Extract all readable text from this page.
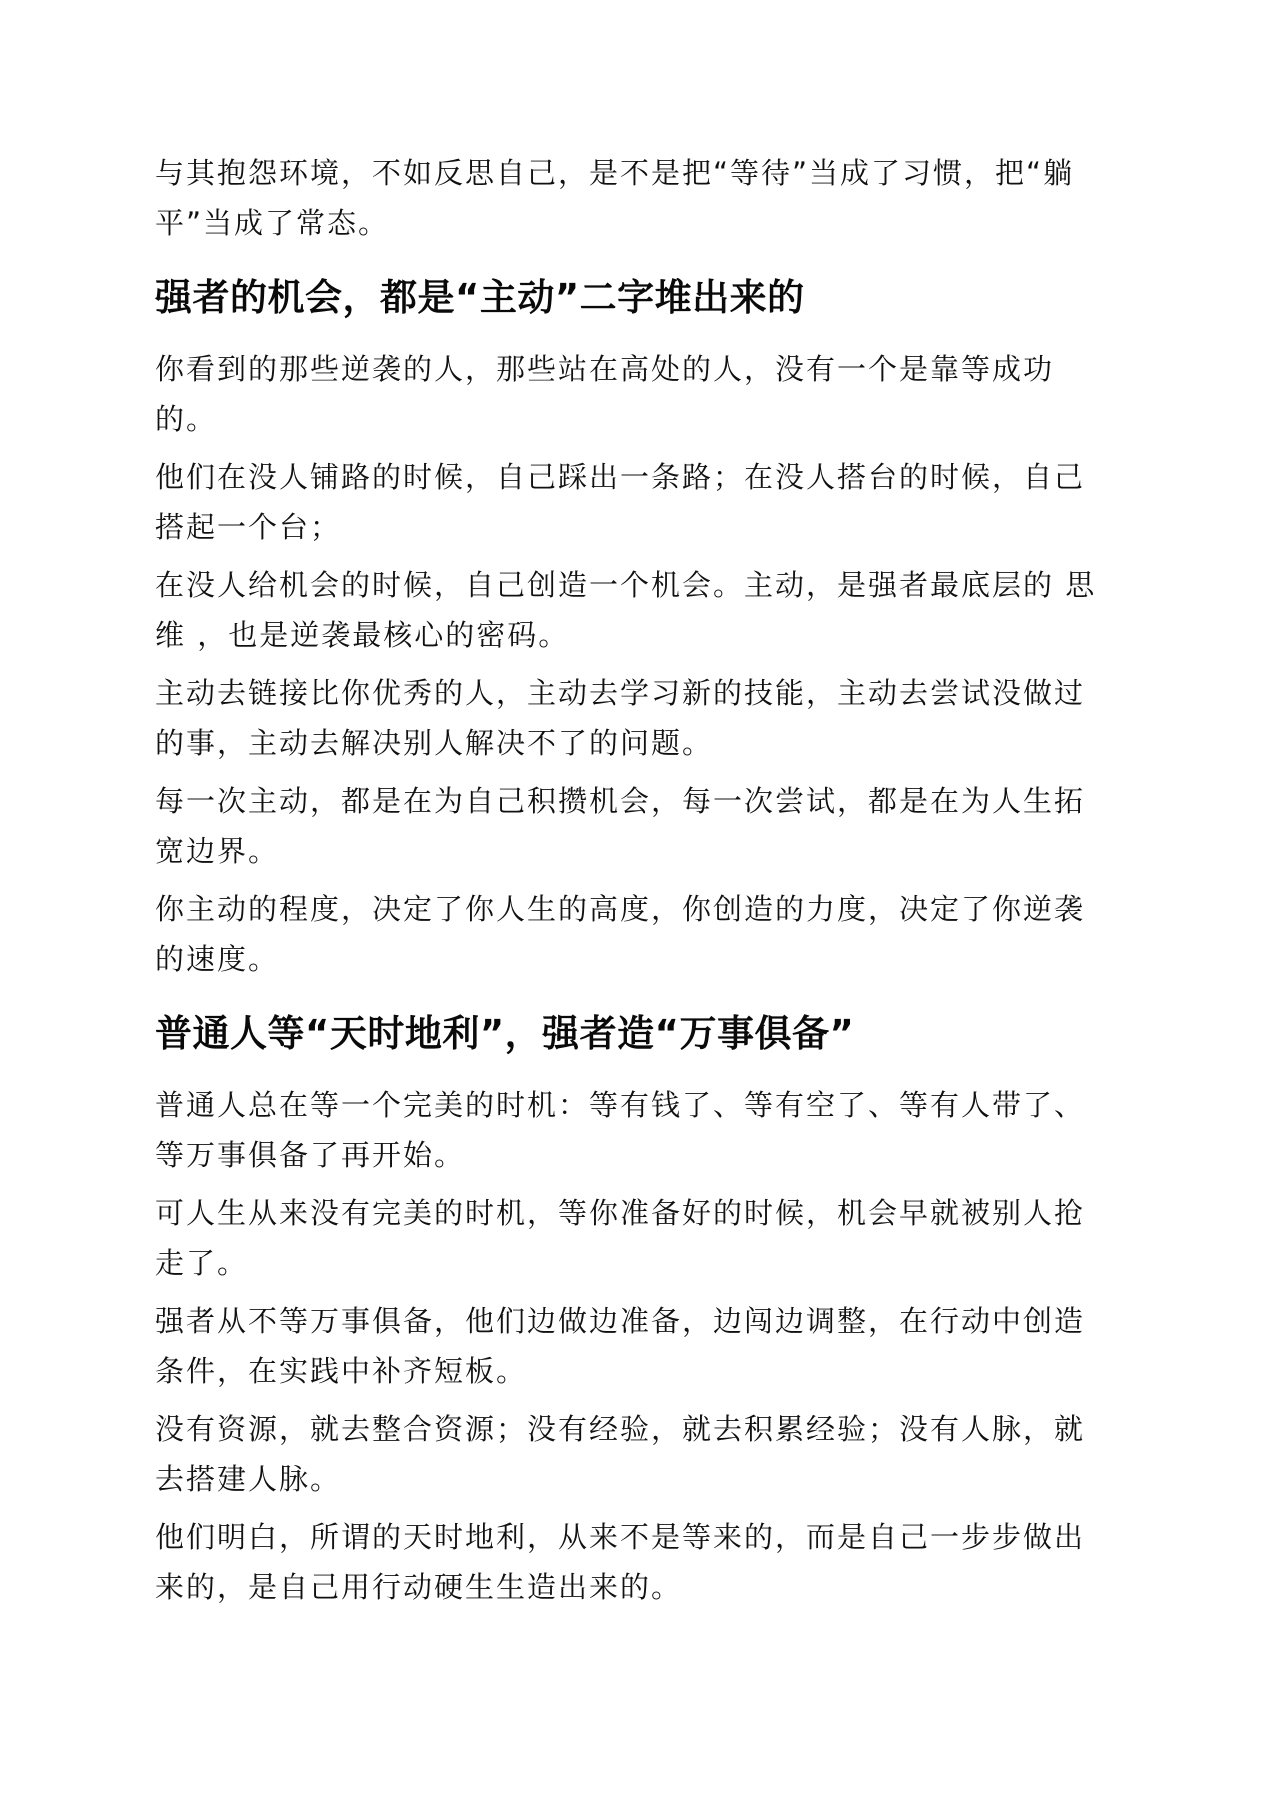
与其抱怨环境，不如反思自己，是不是把“等待”当成了习惯，把“躺平”当成了常态。

强者的机会，都是“主动”二字堆出来的

你看到的那些逆袭的人，那些站在高处的人，没有一个是靠等成功的。

他们在没人铺路的时候，自己踩出一条路；在没人搭台的时候，自己搭起一个台；

在没人给机会的时候，自己创造一个机会。主动，是强者最底层的 思 维 ，也是逆袭最核心的密码。

主动去链接比你优秀的人，主动去学习新的技能，主动去尝试没做过的事，主动去解决别人解决不了的问题。

每一次主动，都是在为自己积攒机会，每一次尝试，都是在为人生拓宽边界。

你主动的程度，决定了你人生的高度，你创造的力度，决定了你逆袭的速度。

普通人等“天时地利”，强者造“万事俱备”

普通人总在等一个完美的时机：等有钱了、等有空了、等有人带了、等万事俱备了再开始。

可人生从来没有完美的时机，等你准备好的时候，机会早就被别人抢走了。

强者从不等万事俱备，他们边做边准备，边闯边调整，在行动中创造条件，在实践中补齐短板。

没有资源，就去整合资源；没有经验，就去积累经验；没有人脉，就去搭建人脉。

他们明白，所谓的天时地利，从来不是等来的，而是自己一步步做出来的，是自己用行动硬生生造出来的。
